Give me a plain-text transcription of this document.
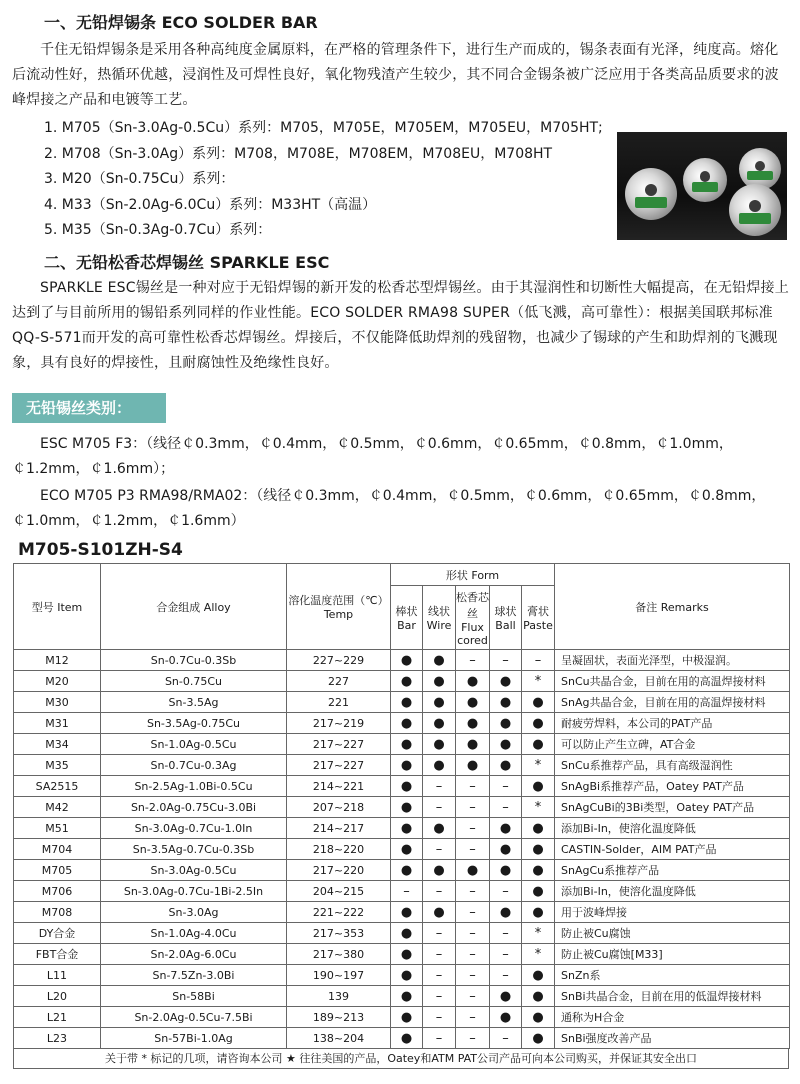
一、无铅焊锡条 ECO SOLDER BAR

千住无铅焊锡条是采用各种高纯度金属原料，在严格的管理条件下，进行生产而成的，锡条表面有光泽，纯度高。熔化后流动性好，热循环优越，浸润性及可焊性良好，氧化物残渣产生较少，其不同合金锡条被广泛应用于各类高品质要求的波峰焊接之产品和电镀等工艺。

1. M705（Sn-3.0Ag-0.5Cu）系列：M705，M705E，M705EM，M705EU，M705HT;
2. M708（Sn-3.0Ag）系列：M708，M708E，M708EM，M708EU，M708HT
3. M20（Sn-0.75Cu）系列：
4. M33（Sn-2.0Ag-6.0Cu）系列：M33HT（高温）
5. M35（Sn-0.3Ag-0.7Cu）系列：
二、无铅松香芯焊锡丝 SPARKLE ESC

SPARKLE ESC锡丝是一种对应于无铅焊锡的新开发的松香芯型焊锡丝。由于其湿润性和切断性大幅提高，在无铅焊接上达到了与目前所用的锡铅系列同样的作业性能。ECO SOLDER RMA98 SUPER（低飞溅，高可靠性）：根据美国联邦标准QQ-S-571而开发的高可靠性松香芯焊锡丝。焊接后，不仅能降低助焊剂的残留物，也减少了锡球的产生和助焊剂的飞溅现象，具有良好的焊接性，且耐腐蚀性及绝缘性良好。

无铅锡丝类别：

ESC M705 F3：（线径￠0.3mm，￠0.4mm，￠0.5mm，￠0.6mm，￠0.65mm，￠0.8mm，￠1.0mm，￠1.2mm，￠1.6mm）；

ECO M705 P3 RMA98/RMA02：（线径￠0.3mm，￠0.4mm，￠0.5mm，￠0.6mm，￠0.65mm，￠0.8mm，￠1.0mm，￠1.2mm，￠1.6mm）

M705-S101ZH-S4
型号 Item	合金组成 Alloy	溶化温度范围（℃）Temp	形状 Form					备注 Remarks
			棒状 Bar	线状 Wire	松香芯丝 Flux cored	球状 Ball	膏状 Paste	
M12	Sn-0.7Cu-0.3Sb	227~229	●	●	–	–	–	呈凝固状，表面光泽型，中极湿润。
M20	Sn-0.75Cu	227	●	●	●	●	*	SnCu共晶合金，目前在用的高温焊接材料
M30	Sn-3.5Ag	221	●	●	●	●	●	SnAg共晶合金，目前在用的高温焊接材料
M31	Sn-3.5Ag-0.75Cu	217~219	●	●	●	●	●	耐疲劳焊料，本公司的PAT产品
M34	Sn-1.0Ag-0.5Cu	217~227	●	●	●	●	●	可以防止产生立碑，AT合金
M35	Sn-0.7Cu-0.3Ag	217~227	●	●	●	●	*	SnCu系推荐产品，具有高级湿润性
SA2515	Sn-2.5Ag-1.0Bi-0.5Cu	214~221	●	–	–	–	●	SnAgBi系推荐产品，Oatey PAT产品
M42	Sn-2.0Ag-0.75Cu-3.0Bi	207~218	●	–	–	–	*	SnAgCuBi的3Bi类型，Oatey PAT产品
M51	Sn-3.0Ag-0.7Cu-1.0In	214~217	●	●	–	●	●	添加Bi-In，使溶化温度降低
M704	Sn-3.5Ag-0.7Cu-0.3Sb	218~220	●	–	–	●	●	CASTIN-Solder，AIM PAT产品
M705	Sn-3.0Ag-0.5Cu	217~220	●	●	●	●	●	SnAgCu系推荐产品
M706	Sn-3.0Ag-0.7Cu-1Bi-2.5In	204~215	–	–	–	–	●	添加Bi-In，使溶化温度降低
M708	Sn-3.0Ag	221~222	●	●	–	●	●	用于波峰焊接
DY合金	Sn-1.0Ag-4.0Cu	217~353	●	–	–	–	*	防止被Cu腐蚀
FBT合金	Sn-2.0Ag-6.0Cu	217~380	●	–	–	–	*	防止被Cu腐蚀[M33]
L11	Sn-7.5Zn-3.0Bi	190~197	●	–	–	–	●	SnZn系
L20	Sn-58Bi	139	●	–	–	●	●	SnBi共晶合金，目前在用的低温焊接材料
L21	Sn-2.0Ag-0.5Cu-7.5Bi	189~213	●	–	–	●	●	通称为H合金
L23	Sn-57Bi-1.0Ag	138~204	●	–	–	–	●	SnBi强度改善产品
关于带 * 标记的几项，请咨询本公司 ★ 往往美国的产品，Oatey和ATM PAT公司产品可向本公司购买，并保证其安全出口
